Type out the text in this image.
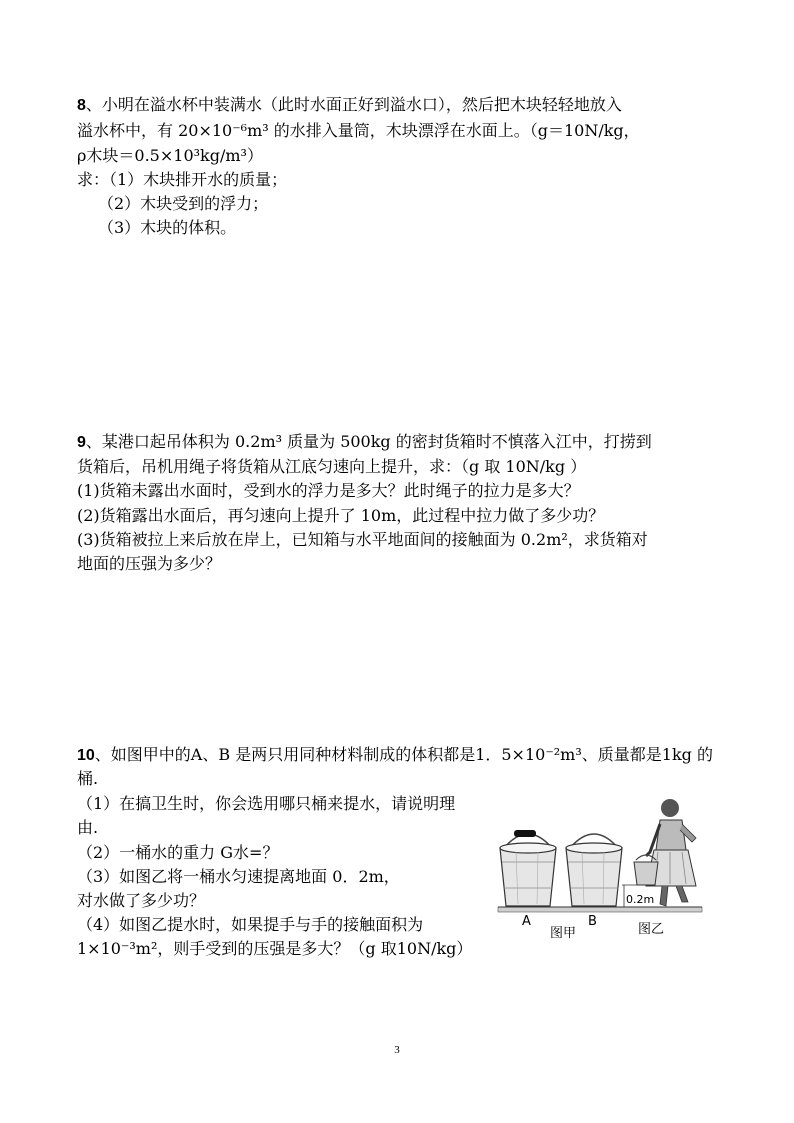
8、小明在溢水杯中装满水（此时水面正好到溢水口），然后把木块轻轻地放入
溢水杯中，有 20×10⁻⁶m³ 的水排入量筒，木块漂浮在水面上。（g＝10N/kg，
ρ木块＝0.5×10³kg/m³）
求：（1）木块排开水的质量；
（2）木块受到的浮力；
（3）木块的体积。
9、某港口起吊体积为 0.2m³ 质量为 500kg 的密封货箱时不慎落入江中，打捞到
货箱后，吊机用绳子将货箱从江底匀速向上提升，求：（g 取 10N/kg ）
(1)货箱未露出水面时，受到水的浮力是多大？此时绳子的拉力是多大？
(2)货箱露出水面后，再匀速向上提升了 10m，此过程中拉力做了多少功？
(3)货箱被拉上来后放在岸上，已知箱与水平地面间的接触面为 0.2m²，求货箱对
地面的压强为多少？
10、如图甲中的A、B 是两只用同种材料制成的体积都是1．5×10⁻²m³、质量都是1kg 的
桶.
（1）在搞卫生时，你会选用哪只桶来提水，请说明理
由.
（2）一桶水的重力 G水=？
（3）如图乙将一桶水匀速提离地面 0．2m，
对水做了多少功？
（4）如图乙提水时，如果提手与手的接触面积为
1×10⁻³m²，则手受到的压强是多大？（g 取10N/kg）
0.2m
A	B
图甲	图乙
3
